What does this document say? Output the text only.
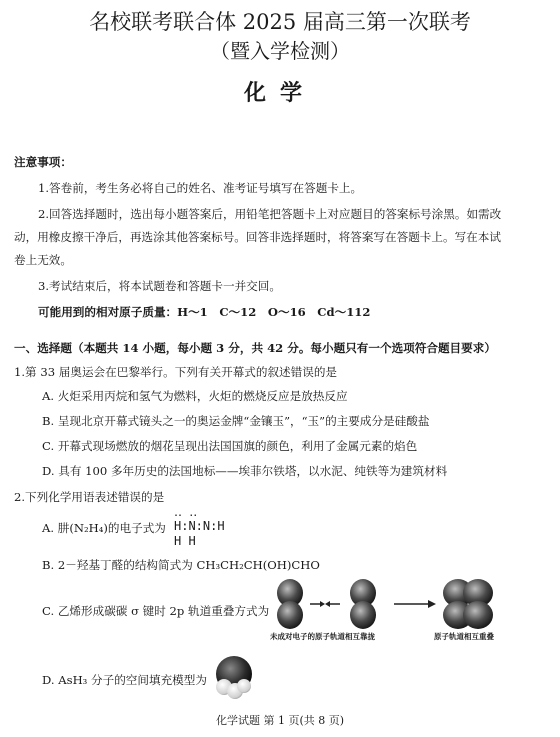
名校联考联合体 2025 届高三第一次联考
（暨入学检测）
化学
注意事项：
1.答卷前，考生务必将自己的姓名、准考证号填写在答题卡上。
2.回答选择题时，选出每小题答案后，用铅笔把答题卡上对应题目的答案标号涂黑。如需改
动，用橡皮擦干净后，再选涂其他答案标号。回答非选择题时，将答案写在答题卡上。写在本试
卷上无效。
3.考试结束后，将本试题卷和答题卡一并交回。
可能用到的相对原子质量：H～1　C～12　O～16　Cd～112
一、选择题（本题共 14 小题，每小题 3 分，共 42 分。每小题只有一个选项符合题目要求）
1.第 33 届奥运会在巴黎举行。下列有关开幕式的叙述错误的是
A. 火炬采用丙烷和氢气为燃料，火炬的燃烧反应是放热反应
B. 呈现北京开幕式镜头之一的奥运金牌“金镶玉”，“玉”的主要成分是硅酸盐
C. 开幕式现场燃放的烟花呈现出法国国旗的颜色，利用了金属元素的焰色
D. 具有 100 多年历史的法国地标——埃菲尔铁塔，以水泥、纯铁等为建筑材料
2.下列化学用语表述错误的是
A. 肼(N₂H₄)的电子式为
‥ ‥
H:N:N:H
H H
B. 2－羟基丁醛的结构简式为 CH₃CH₂CH(OH)CHO
C. 乙烯形成碳碳 σ 键时 2p 轨道重叠方式为
未成对电子的原子轨道相互靠拢	原子轨道相互重叠
D. AsH₃ 分子的空间填充模型为
化学试题 第 1 页(共 8 页)
